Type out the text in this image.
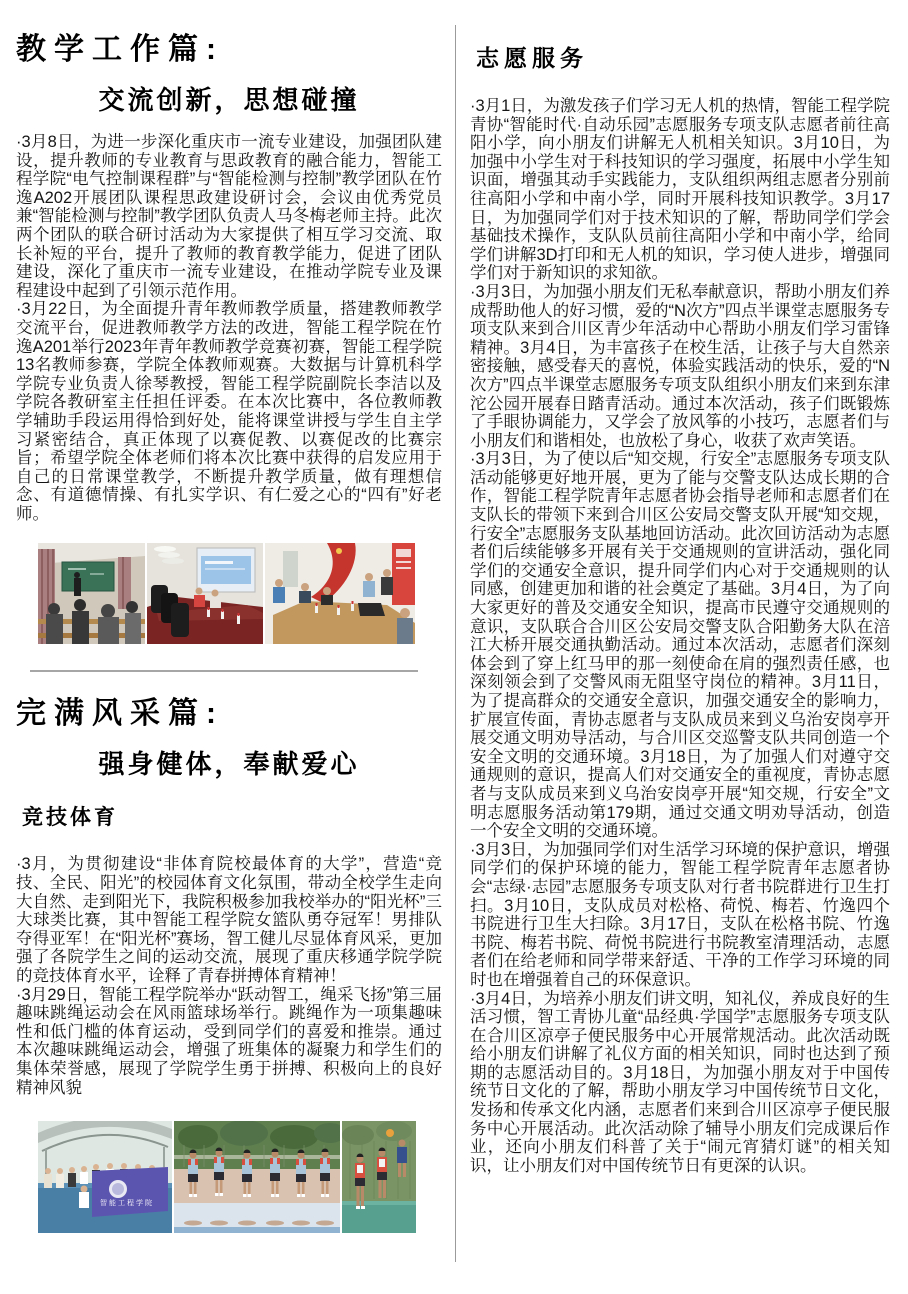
教学工作篇:
交流创新，思想碰撞

·3月8日，为进一步深化重庆市一流专业建设，加强团队建设，提升教师的专业教育与思政教育的融合能力，智能工程学院“电气控制课程群”与“智能检测与控制”教学团队在竹逸A202开展团队课程思政建设研讨会，会议由优秀党员兼“智能检测与控制”教学团队负责人马冬梅老师主持。此次两个团队的联合研讨活动为大家提供了相互学习交流、取长补短的平台，提升了教师的教育教学能力，促进了团队建设，深化了重庆市一流专业建设，在推动学院专业及课程建设中起到了引领示范作用。

·3月22日，为全面提升青年教师教学质量，搭建教师教学交流平台，促进教师教学方法的改进，智能工程学院在竹逸A201举行2023年青年教师教学竞赛初赛，智能工程学院13名教师参赛，学院全体教师观赛。大数据与计算机科学学院专业负责人徐琴教授，智能工程学院副院长李洁以及学院各教研室主任担任评委。在本次比赛中，各位教师教学辅助手段运用得恰到好处，能将课堂讲授与学生自主学习紧密结合，真正体现了以赛促教、以赛促改的比赛宗旨；希望学院全体老师们将本次比赛中获得的启发应用于自己的日常课堂教学，不断提升教学质量，做有理想信念、有道德情操、有扎实学识、有仁爱之心的“四有”好老师。

完满风采篇:
强身健体，奉献爱心
竞技体育

·3月，为贯彻建设“非体育院校最体育的大学”，营造“竞技、全民、阳光”的校园体育文化氛围，带动全校学生走向大自然、走到阳光下，我院积极参加我校举办的“阳光杯”三大球类比赛，其中智能工程学院女篮队勇夺冠军！男排队夺得亚军！在“阳光杯”赛场，智工健儿尽显体育风采，更加强了各院学生之间的运动交流，展现了重庆移通学院学院的竞技体育水平，诠释了青春拼搏体育精神！

·3月29日，智能工程学院举办“跃动智工，绳采飞扬”第三届趣味跳绳运动会在风雨篮球场举行。跳绳作为一项集趣味性和低门槛的体育运动，受到同学们的喜爱和推崇。通过本次趣味跳绳运动会，增强了班集体的凝聚力和学生们的集体荣誉感，展现了学院学生勇于拼搏、积极向上的良好精神风貌

智能工程学院
志愿服务

·3月1日，为激发孩子们学习无人机的热情，智能工程学院青协“智能时代·自动乐园”志愿服务专项支队志愿者前往高阳小学，向小朋友们讲解无人机相关知识。3月10日，为加强中小学生对于科技知识的学习强度，拓展中小学生知识面，增强其动手实践能力，支队组织两组志愿者分别前往高阳小学和中南小学，同时开展科技知识教学。3月17日，为加强同学们对于技术知识的了解，帮助同学们学会基础技术操作，支队队员前往高阳小学和中南小学，给同学们讲解3D打印和无人机的知识，学习使人进步，增强同学们对于新知识的求知欲。

·3月3日，为加强小朋友们无私奉献意识，帮助小朋友们养成帮助他人的好习惯，爱的“N次方”四点半课堂志愿服务专项支队来到合川区青少年活动中心帮助小朋友们学习雷锋精神。3月4日，为丰富孩子在校生活，让孩子与大自然亲密接触，感受春天的喜悦，体验实践活动的快乐，爱的“N次方”四点半课堂志愿服务专项支队组织小朋友们来到东津沱公园开展春日踏青活动。通过本次活动，孩子们既锻炼了手眼协调能力，又学会了放风筝的小技巧，志愿者们与小朋友们和谐相处，也放松了身心，收获了欢声笑语。

·3月3日，为了使以后“知交规，行安全”志愿服务专项支队活动能够更好地开展，更为了能与交警支队达成长期的合作，智能工程学院青年志愿者协会指导老师和志愿者们在支队长的带领下来到合川区公安局交警支队开展“知交规，行安全”志愿服务支队基地回访活动。此次回访活动为志愿者们后续能够多开展有关于交通规则的宣讲活动，强化同学们的交通安全意识，提升同学们内心对于交通规则的认同感，创建更加和谐的社会奠定了基础。3月4日，为了向大家更好的普及交通安全知识，提高市民遵守交通规则的意识，支队联合合川区公安局交警支队合阳勤务大队在涪江大桥开展交通执勤活动。通过本次活动，志愿者们深刻体会到了穿上红马甲的那一刻使命在肩的强烈责任感，也深刻领会到了交警风雨无阻坚守岗位的精神。3月11日，为了提高群众的交通安全意识，加强交通安全的影响力，扩展宣传面，青协志愿者与支队成员来到义乌治安岗亭开展交通文明劝导活动，与合川区交巡警支队共同创造一个安全文明的交通环境。3月18日，为了加强人们对遵守交通规则的意识，提高人们对交通安全的重视度，青协志愿者与支队成员来到义乌治安岗亭开展“知交规，行安全”文明志愿服务活动第179期，通过交通文明劝导活动，创造一个安全文明的交通环境。

·3月3日，为加强同学们对生活学习环境的保护意识，增强同学们的保护环境的能力，智能工程学院青年志愿者协会“志绿·志园”志愿服务专项支队对行者书院群进行卫生打扫。3月10日，支队成员对松格、荷悦、梅若、竹逸四个书院进行卫生大扫除。3月17日，支队在松格书院、竹逸书院、梅若书院、荷悦书院进行书院教室清理活动，志愿者们在给老师和同学带来舒适、干净的工作学习环境的同时也在增强着自己的环保意识。

·3月4日，为培养小朋友们讲文明，知礼仪，养成良好的生活习惯，智工青协儿童“品经典·学国学”志愿服务专项支队在合川区凉亭子便民服务中心开展常规活动。此次活动既给小朋友们讲解了礼仪方面的相关知识，同时也达到了预期的志愿活动目的。3月18日，为加强小朋友对于中国传统节日文化的了解，帮助小朋友学习中国传统节日文化，发扬和传承文化内涵，志愿者们来到合川区凉亭子便民服务中心开展活动。此次活动除了辅导小朋友们完成课后作业，还向小朋友们科普了关于“闹元宵猜灯谜”的相关知识，让小朋友们对中国传统节日有更深的认识。
